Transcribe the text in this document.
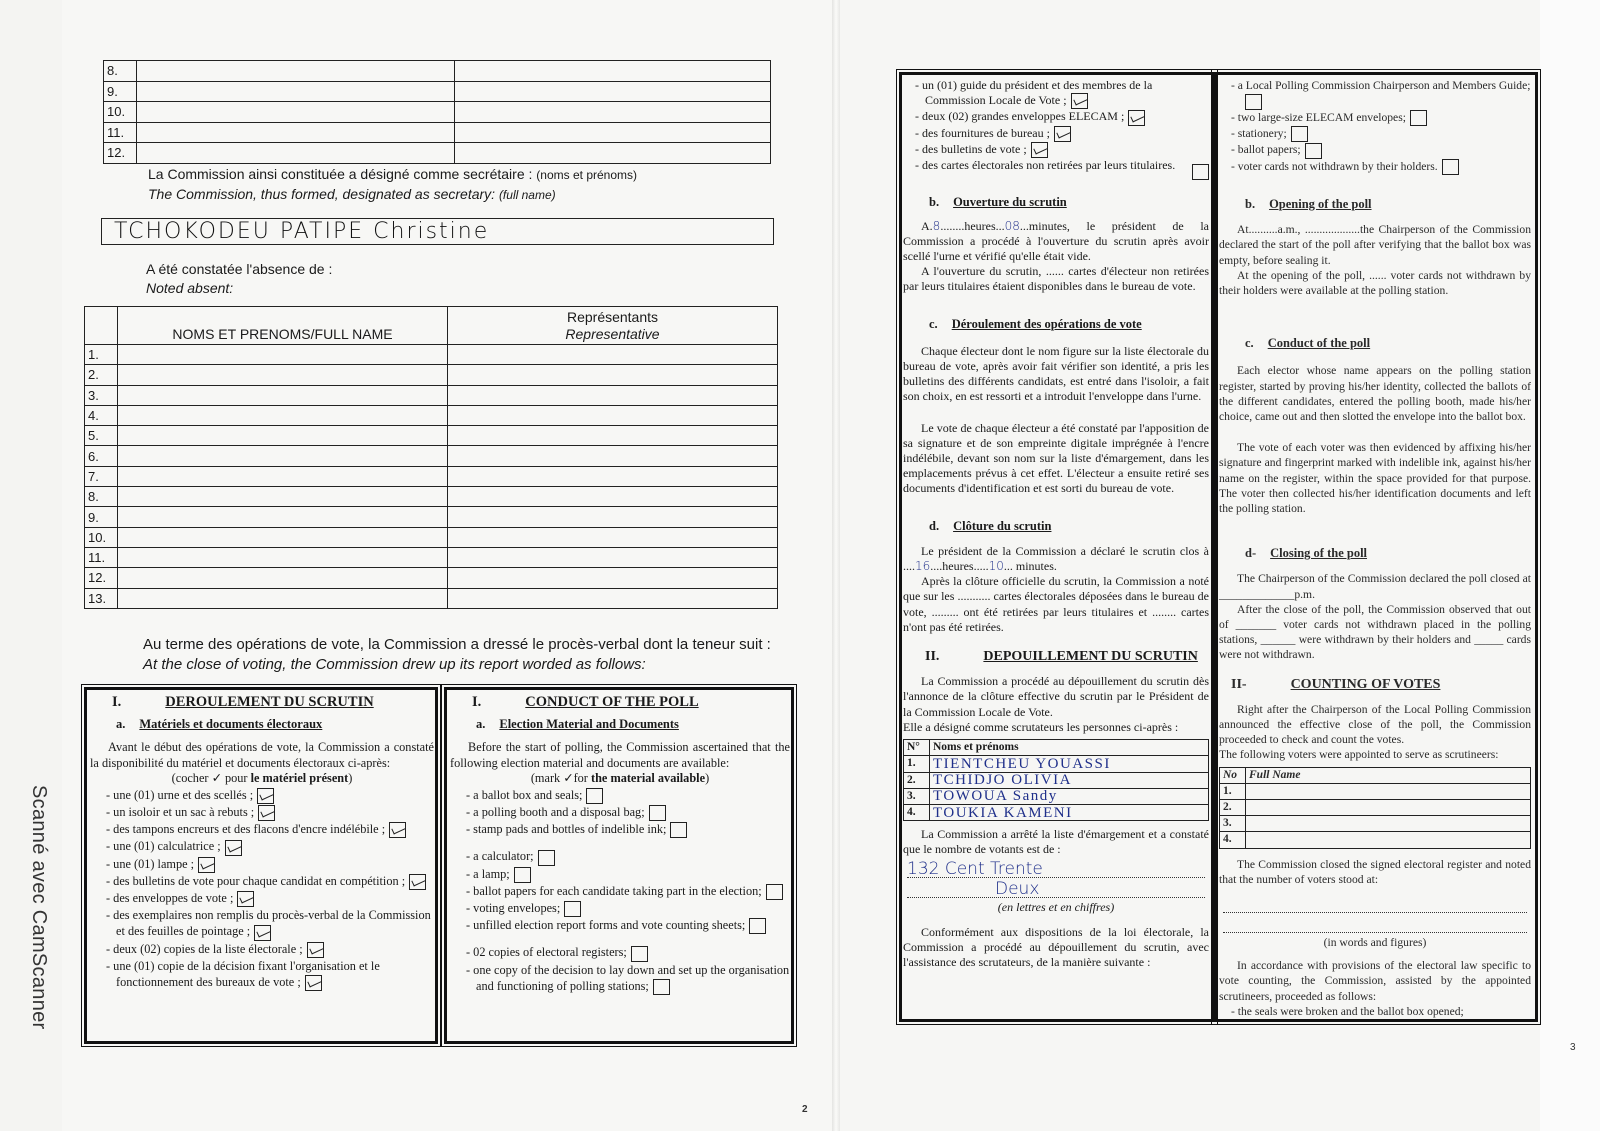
Scanné avec CamScanner
8.		
9.		
10.		
11.		
12.		
La Commission ainsi constituée a désigné comme secrétaire : (noms et prénoms)
The Commission, thus formed, designated as secretary: (full name)
TCHOKODEU PATIPE Christine
A été constatée l'absence de :
Noted absent:
	NOMS ET PRENOMS/FULL NAME	Représentants
Representative

1.		
2.		
3.		
4.		
5.		
6.		
7.		
8.		
9.		
10.		
11.		
12.		
13.		
Au terme des opérations de vote, la Commission a dressé le procès-verbal dont la teneur suit :
At the close of voting, the Commission drew up its report worded as follows:
I.	DEROULEMENT DU SCRUTIN
a. Matériels et documents électoraux

Avant le début des opérations de vote, la Commission a constaté la disponibilité du matériel et documents électoraux ci-après:

(cocher ✓ pour le matériel présent)
- une (01) urne et des scellés ;
- un isoloir et un sac à rebuts ;
- des tampons encreurs et des flacons d'encre indélébile ;
- une (01) calculatrice ;
- une (01) lampe ;
- des bulletins de vote pour chaque candidat en compétition ;
- des enveloppes de vote ;
- des exemplaires non remplis du procès-verbal de la Commission et des feuilles de pointage ;
- deux (02) copies de la liste électorale ;
- une (01) copie de la décision fixant l'organisation et le fonctionnement des bureaux de vote ;
I.	CONDUCT OF THE POLL
a. Election Material and Documents

Before the start of polling, the Commission ascertained that the following election material and documents are available:

(mark ✓for the material available)
- a ballot box and seals;
- a polling booth and a disposal bag;
- stamp pads and bottles of indelible ink;
- a calculator;
- a lamp;
- ballot papers for each candidate taking part in the election;
- voting envelopes;
- unfilled election report forms and vote counting sheets;
- 02 copies of electoral registers;
- one copy of the decision to lay down and set up the organisation and functioning of polling stations;
2
- un (01) guide du président et des membres de la Commission Locale de Vote ;
- deux (02) grandes enveloppes ELECAM ;
- des fournitures de bureau ;
- des bulletins de vote ;
- des cartes électorales non retirées par leurs titulaires.
b. Ouverture du scrutin

A.8........heures...08...minutes, le président de la Commission a procédé à l'ouverture du scrutin après avoir scellé l'urne et vérifié qu'elle était vide.

A l'ouverture du scrutin, ...... cartes d'électeur non retirées par leurs titulaires étaient disponibles dans le bureau de vote.

c. Déroulement des opérations de vote

Chaque électeur dont le nom figure sur la liste électorale du bureau de vote, après avoir fait vérifier son identité, a pris les bulletins des différents candidats, est entré dans l'isoloir, a fait son choix, en est ressorti et a introduit l'enveloppe dans l'urne.

Le vote de chaque électeur a été constaté par l'apposition de sa signature et de son empreinte digitale imprégnée à l'encre indélébile, devant son nom sur la liste d'émargement, dans les emplacements prévus à cet effet. L'électeur a ensuite retiré ses documents d'identification et est sorti du bureau de vote.

d. Clôture du scrutin

Le président de la Commission a déclaré le scrutin clos à ....16....heures.....10... minutes.

Après la clôture officielle du scrutin, la Commission a noté que sur les ........... cartes électorales déposées dans le bureau de vote, ......... ont été retirées par leurs titulaires et ........ cartes n'ont pas été retirées.

II.	DEPOUILLEMENT DU SCRUTIN

La Commission a procédé au dépouillement du scrutin dès l'annonce de la clôture effective du scrutin par le Président de la Commission Locale de Vote.

Elle a désigné comme scrutateurs les personnes ci-après :

N°	Noms et prénoms
1.	TIENTCHEU YOUASSI
2.	TCHIDJO OLIVIA
3.	TOWOUA Sandy
4.	TOUKIA KAMENI

La Commission a arrêté la liste d'émargement et a constaté que le nombre de votants est de :

132 Cent Trente
Deux
(en lettres et en chiffres)

Conformément aux dispositions de la loi électorale, la Commission a procédé au dépouillement du scrutin, avec l'assistance des scrutateurs, de la manière suivante :

- a Local Polling Commission Chairperson and Members Guide;
- two large-size ELECAM envelopes;
- stationery;
- ballot papers;
- voter cards not withdrawn by their holders.
b. Opening of the poll

At..........a.m., ...................the Chairperson of the Commission declared the start of the poll after verifying that the ballot box was empty, before sealing it.

At the opening of the poll, ...... voter cards not withdrawn by their holders were available at the polling station.

c. Conduct of the poll

Each elector whose name appears on the polling station register, started by proving his/her identity, collected the ballots of the different candidates, entered the polling booth, made his/her choice, came out and then slotted the envelope into the ballot box.

The vote of each voter was then evidenced by affixing his/her signature and fingerprint marked with indelible ink, against his/her name on the register, within the space provided for that purpose. The voter then collected his/her identification documents and left the polling station.

d- Closing of the poll

The Chairperson of the Commission declared the poll closed at _____________p.m.

After the close of the poll, the Commission observed that out of _______ voter cards not withdrawn placed in the polling stations, ______ were withdrawn by their holders and _____ cards were not withdrawn.

II-	COUNTING OF VOTES

Right after the Chairperson of the Local Polling Commission announced the effective close of the poll, the Commission proceeded to check and count the votes.

The following voters were appointed to serve as scrutineers:

No	Full Name
1.	
2.	
3.	
4.	

The Commission closed the signed electoral register and noted that the number of voters stood at:

(in words and figures)

In accordance with provisions of the electoral law specific to vote counting, the Commission, assisted by the appointed scrutineers, proceeded as follows:

- the seals were broken and the ballot box opened;
3
